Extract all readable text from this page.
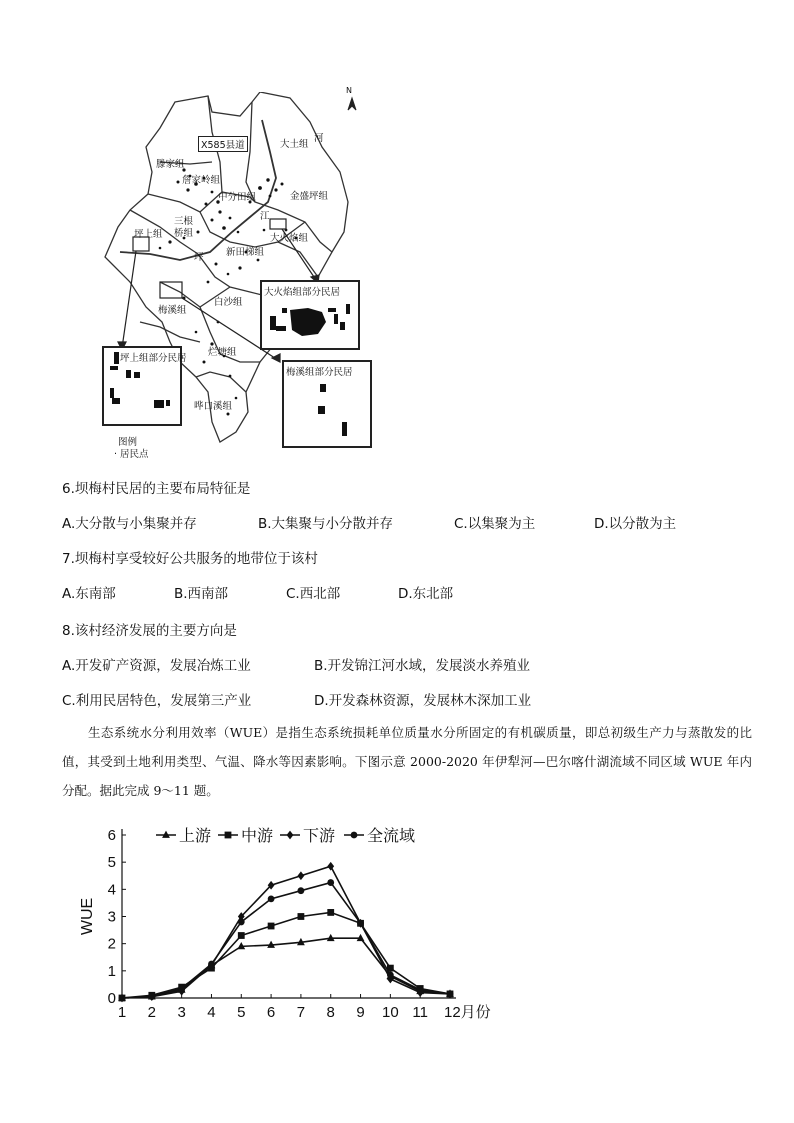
N
X585县道	大土组
河
滕家组
詹家岭组
中分田组	金盛坪组
江
三根
桥组	大火焰组
坪上组
坪 新田梯组
白沙组
梅溪组
烂塘组
哗口溪组
图例
· 居民点
大火焰组部分民居
坪上组部分民居
梅溪组部分民居
6.坝梅村民居的主要布局特征是
A.大分散与小集聚并存	B.大集聚与小分散并存	C.以集聚为主	D.以分散为主
7.坝梅村享受较好公共服务的地带位于该村
A.东南部	B.西南部	C.西北部	D.东北部
8.该村经济发展的主要方向是
A.开发矿产资源，发展冶炼工业	B.开发锦江河水域，发展淡水养殖业
C.利用民居特色，发展第三产业	D.开发森林资源，发展林木深加工业
生态系统水分利用效率（WUE）是指生态系统损耗单位质量水分所固定的有机碳质量，即总初级生产力与蒸散发的比值，其受到土地利用类型、气温、降水等因素影响。下图示意 2000-2020 年伊犁河—巴尔喀什湖流域不同区域 WUE 年内分配。据此完成 9～11 题。
0
1
2
3
4
5
6
1 2 3 4 5 6 7 8 9 10 11 12月份
WUE
上游 中游 下游 全流域
